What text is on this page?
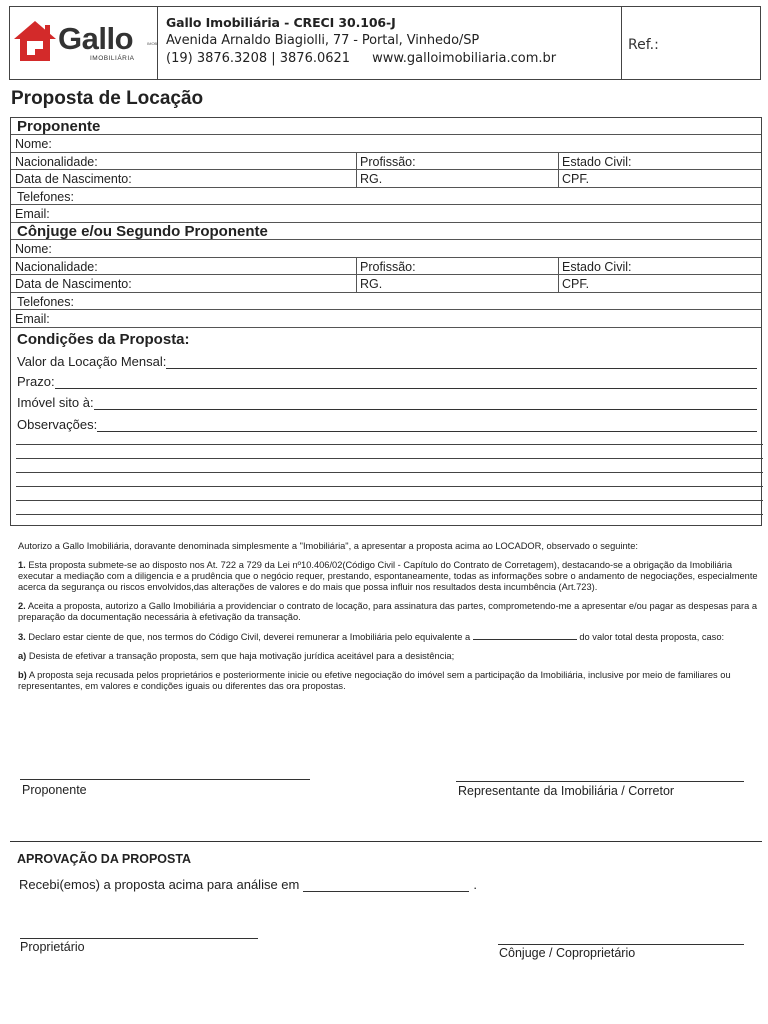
Gallo	IMOB
IMOBILIÁRIA
Gallo Imobiliária - CRECI 30.106-J
Avenida Arnaldo Biagiolli, 77 - Portal, Vinhedo/SP
(19) 3876.3208 | 3876.0621 www.galloimobiliaria.com.br
Ref.:
Proposta de Locação
Proponente
Nome:
Nacionalidade:	Profissão:	Estado Civil:
Data de Nascimento:	RG.	CPF.
Telefones:
Email:
Cônjuge e/ou Segundo Proponente
Nome:
Nacionalidade:	Profissão:	Estado Civil:
Data de Nascimento:	RG.	CPF.
Telefones:
Email:
Condições da Proposta:
Valor da Locação Mensal:
Prazo:
Imóvel sito à:
Observações:

Autorizo a Gallo Imobiliária, doravante denominada simplesmente a "Imobiliária", a apresentar a proposta acima ao LOCADOR, observado o seguinte:

1. Esta proposta submete-se ao disposto nos At. 722 a 729 da Lei nº10.406/02(Código Civil - Capítulo do Contrato de Corretagem), destacando-se a obrigação da Imobiliária executar a mediação com a diligencia e a prudência que o negócio requer, prestando, espontaneamente, todas as informações sobre o andamento de negociações, especialmente acerca da segurança ou riscos envolvidos,das alterações de valores e do mais que possa influir nos resultados desta incumbência (Art.723).

2. Aceita a proposta, autorizo a Gallo Imobiliária a providenciar o contrato de locação, para assinatura das partes, comprometendo-me a apresentar e/ou pagar as despesas para a preparação da documentação necessária à efetivação da transação.

3. Declaro estar ciente de que, nos termos do Código Civil, deverei remunerar a Imobiliária pelo equivalente a	do valor total desta proposta, caso:

a) Desista de efetivar a transação proposta, sem que haja motivação jurídica aceitável para a desistência;

b) A proposta seja recusada pelos proprietários e posteriormente inicie ou efetive negociação do imóvel sem a participação da Imobiliária, inclusive por meio de familiares ou representantes, em valores e condições iguais ou diferentes das ora propostas.

Proponente	Representante da Imobiliária / Corretor
APROVAÇÃO DA PROPOSTA
Recebi(emos) a proposta acima para análise em	.
Proprietário	Cônjuge / Coproprietário
